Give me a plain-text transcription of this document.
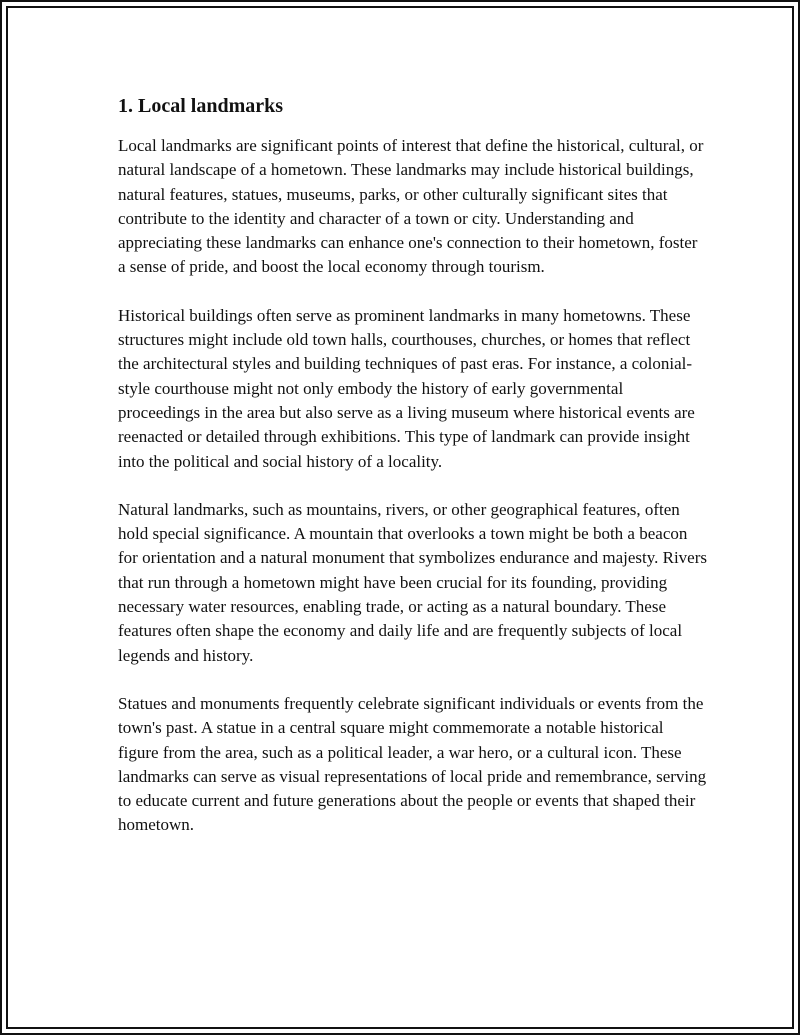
1. Local landmarks

Local landmarks are significant points of interest that define the historical, cultural, or natural landscape of a hometown. These landmarks may include historical buildings, natural features, statues, museums, parks, or other culturally significant sites that contribute to the identity and character of a town or city. Understanding and appreciating these landmarks can enhance one's connection to their hometown, foster a sense of pride, and boost the local economy through tourism.

Historical buildings often serve as prominent landmarks in many hometowns. These structures might include old town halls, courthouses, churches, or homes that reflect the architectural styles and building techniques of past eras. For instance, a colonial-style courthouse might not only embody the history of early governmental proceedings in the area but also serve as a living museum where historical events are reenacted or detailed through exhibitions. This type of landmark can provide insight into the political and social history of a locality.

Natural landmarks, such as mountains, rivers, or other geographical features, often hold special significance. A mountain that overlooks a town might be both a beacon for orientation and a natural monument that symbolizes endurance and majesty. Rivers that run through a hometown might have been crucial for its founding, providing necessary water resources, enabling trade, or acting as a natural boundary. These features often shape the economy and daily life and are frequently subjects of local legends and history.

Statues and monuments frequently celebrate significant individuals or events from the town's past. A statue in a central square might commemorate a notable historical figure from the area, such as a political leader, a war hero, or a cultural icon. These landmarks can serve as visual representations of local pride and remembrance, serving to educate current and future generations about the people or events that shaped their hometown.
